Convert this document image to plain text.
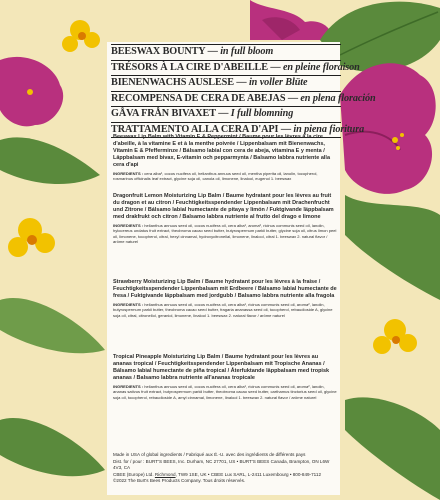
BEESWAX BOUNTY — in full bloom
TRÉSORS À LA CIRE D'ABEILLE — en pleine floraison
BIENENWACHS AUSLESE — in voller Blüte
RECOMPENSA DE CERA DE ABEJAS — en plena floración
GÅVA FRÅN BIVAXET — I full blomning
TRATTAMENTO ALLA CERA D'API — in piena fioritura
Beeswax Lip Balm with Vitamin E & Peppermint / Baume pour les lèvres à la cire d'abeille, à la vitamine E et à la menthe poivrée / Lippenbalsam mit Bienenwachs, Vitamin E & Pfefferminze / Bálsamo labial con cera de abeja, vitamina E y menta / Läppbalsam med bivax, E-vitamin och pepparmynta / Balsamo labbra nutriente alla cera d'api
INGREDIENTS : cera alba¹, cocos nucifera oil, helianthus annuus seed oil, mentha piperita oil, lanolin, tocopherol, rosmarinus officinalis leaf extract, glycine soja oil, canola oil, limonene, linalool, eugenol 1. beeswax
Dragonfruit Lemon Moisturizing Lip Balm / Baume hydratant pour les lèvres au fruit du dragon et au citron / Feuchtigkeitsspendender Lippenbalsam mit Drachenfrucht und Zitrone / Bálsamo labial humectante de pitaya y limón / Fuktgivande läppbalsam med drakfrukt och citron / Balsamo labbra nutriente al frutto del drago e limone
INGREDIENTS : helianthus annuus seed oil, cocos nucifera oil, cera alba¹, aroma², ricinus communis seed oil, lanolin, hylocereus undatus fruit extract, theobroma cacao seed butter, butyrospermum parkii butter, glycine soja oil, citrus limon peel oil, limonene, tocopherol, citral, hexyl cinnamal, hydroxycitronellal, limonene, linalool, citral 1. beeswax 2. natural flavor / arôme naturel
Strawberry Moisturizing Lip Balm / Baume hydratant pour les lèvres à la fraise / Feuchtigkeitsspendender Lippenbalsam mit Erdbeere / Bálsamo labial humectante de fresa / Fuktgivande läppbalsam med jordgubb / Balsamo labbra nutriente alla fragola
INGREDIENTS : helianthus annuus seed oil, cocos nucifera oil, cera alba¹, ricinus communis seed oil, aroma², lanolin, butyrospermum parkii butter, theobroma cacao seed butter, fragaria ananassa seed oil, tocopherol, rebaudioside A, glycine soja oil, citral, citronellol, geraniol, limonene, linalool 1. beeswax 2. natural flavor / arôme naturel
Tropical Pineapple Moisturizing Lip Balm / Baume hydratant pour les lèvres au ananas tropical / Feuchtigkeitsspendender Lippenbalsam mit Tropische Ananas / Bálsamo labial humectante de piña tropical / Återfuktande läppbalsam med tropisk ananas / Balsamo labbra nutriente all'ananas tropicale
INGREDIENTS : helianthus annuus seed oil, cocos nucifera oil, cera alba¹, ricinus communis seed oil, aroma², lanolin, ananas sativus fruit extract, butyrospermum parkii butter, theobroma cacao seed butter, carthamus tinctorius seed oil, glycine soja oil, tocopherol, rebaudioside A, amyl cinnamal, limonene, linalool 1. beeswax 2. natural flavor / arôme naturel
Made in USA of global ingredients / Fabriqué aux É.-U. avec des ingrédients de différents pays
Dist. for / pour : BURT'S BEES, Inc. Durham, NC 27701, US • BURT'S BEES Canada, Brampton, ON L6W 4V3, CA
CBEE (Europe) Ltd. Richmond, TW9 1SE, UK • CBEE Lux SARL, L-2411 Luxembourg • 800-849-7112
©2022 The Burt's Bees Products Company. Tous droits réservés.
